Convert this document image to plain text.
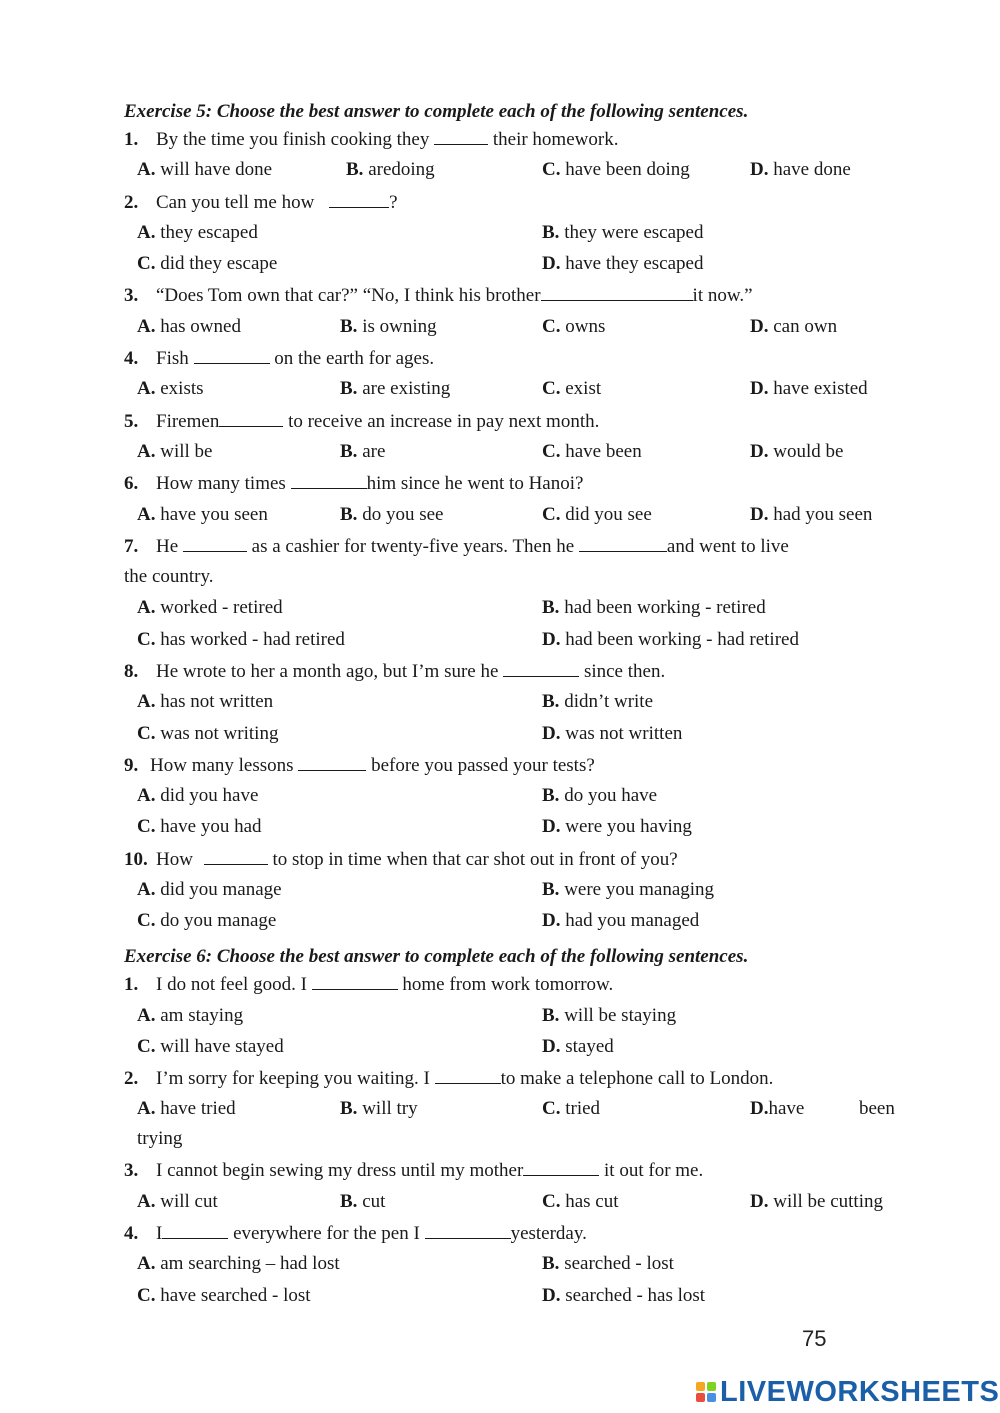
Exercise 5: Choose the best answer to complete each of the following sentences.
1. By the time you finish cooking they	their homework.
A. will have done	B. aredoing	C. have been doing	D. have done
2. Can you tell me how	?
A. they escaped	B. they were escaped
C. did they escape	D. have they escaped
3. “Does Tom own that car?” “No, I think his brother	it now.”
A. has owned	B. is owning	C. owns	D. can own
4. Fish	on the earth for ages.
A. exists	B. are existing	C. exist	D. have existed
5. Firemen	to receive an increase in pay next month.
A. will be	B. are	C. have been	D. would be
6. How many times	him since he went to Hanoi?
A. have you seen	B. do you see	C. did you see	D. had you seen
7. He	as a cashier for twenty-five years. Then he	and went to live
the country.
A. worked - retired	B. had been working - retired
C. has worked - had retired	D. had been working - had retired
8. He wrote to her a month ago, but I’m sure he	since then.
A. has not written	B. didn’t write
C. was not writing	D. was not written
9. How many lessons	before you passed your tests?
A. did you have	B. do you have
C. have you had	D. were you having
10. How	to stop in time when that car shot out in front of you?
A. did you manage	B. were you managing
C. do you manage	D. had you managed
Exercise 6: Choose the best answer to complete each of the following sentences.
1. I do not feel good. I	home from work tomorrow.
A. am staying	B. will be staying
C. will have stayed	D. stayed
2. I’m sorry for keeping you waiting. I	to make a telephone call to London.
A. have tried	B. will try	C. tried	D.have	been
trying
3. I cannot begin sewing my dress until my mother	it out for me.
A. will cut	B. cut	C. has cut	D. will be cutting
4. I	everywhere for the pen I	yesterday.
A. am searching – had lost	B. searched - lost
C. have searched - lost	D. searched - has lost
75
LIVEWORKSHEETS
